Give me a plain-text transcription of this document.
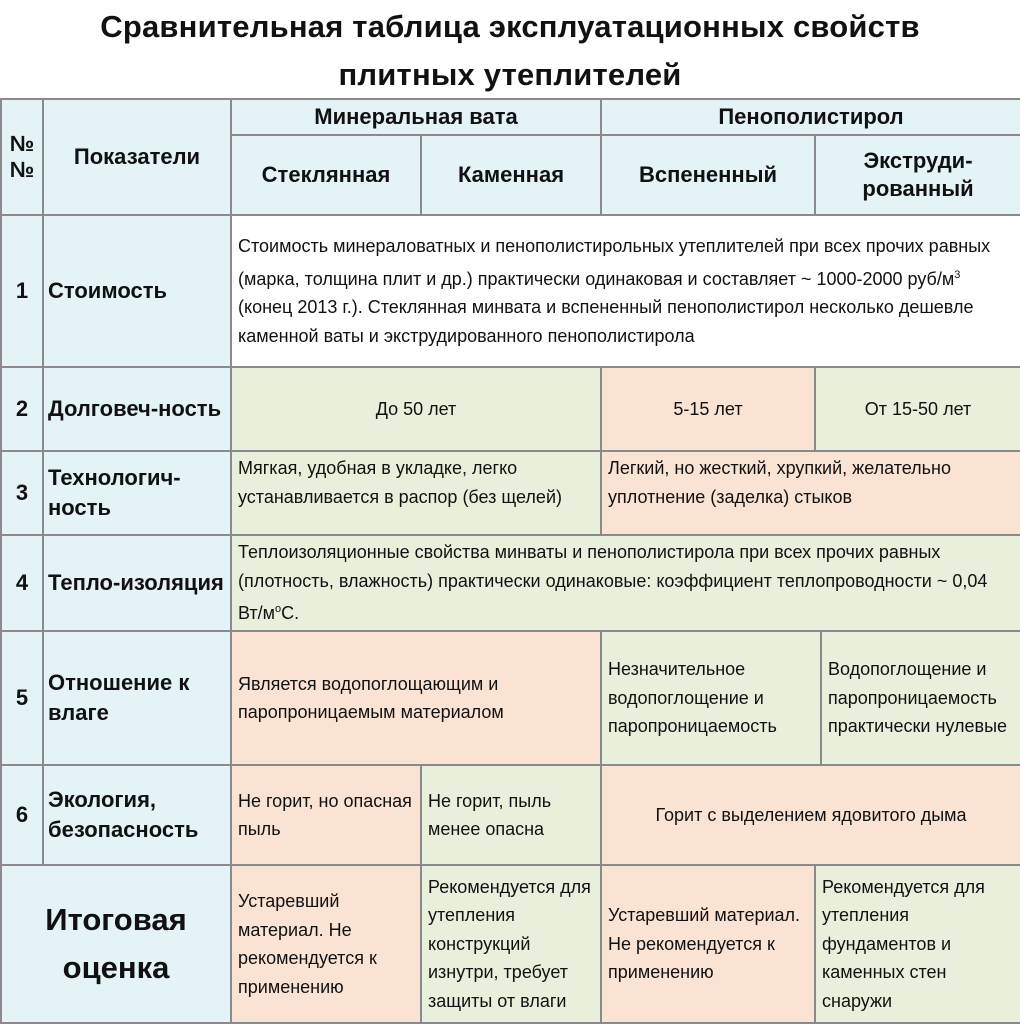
Сравнительная таблица эксплуатационных свойств
плитных утеплителей
№ №	Показатели	Минеральная вата		Пенополистирол		
		Стеклянная	Каменная	Вспененный	Экструди-рованный	
1	Стоимость	Стоимость минераловатных и пенополистирольных утеплителей при всех прочих равных (марка, толщина плит и др.) практически одинаковая и составляет ~ 1000-2000 руб/$м^3$ (конец 2013 г.). Стеклянная минвата и вспененный пенополистирол несколько дешевле каменной ваты и экструдированного пенополистирола				
2	Долговеч-ность	До 50 лет		5-15 лет	От 15-50 лет	
3	Технологич-ность	Мягкая, удобная в укладке, легко устанавливается в распор (без щелей)		Легкий, но жесткий, хрупкий, желательно уплотнение (заделка) стыков		
4	Тепло-изоляция	Теплоизоляционные свойства минваты и пенополистирола при всех прочих равных (плотность, влажность) практически одинаковые: коэффициент теплопроводности ~ 0,04 $Вт/м^oС$.				
5	Отношение к влаге	Является водопоглощающим и паропроницаемым материалом		Незначительное водопоглощение и паропроницаемость		Водопоглощение и паропроницаемость практически нулевые
6	Экология, безопасность	Не горит, но опасная пыль	Не горит, пыль менее опасна	Горит с выделением ядовитого дыма		
Итоговая оценка		Устаревший материал. Не рекомендуется к применению	Рекомендуется для утепления конструкций изнутри, требует защиты от влаги	Устаревший материал. Не рекомендуется к применению	Рекомендуется для утепления фундаментов и каменных стен снаружи	
